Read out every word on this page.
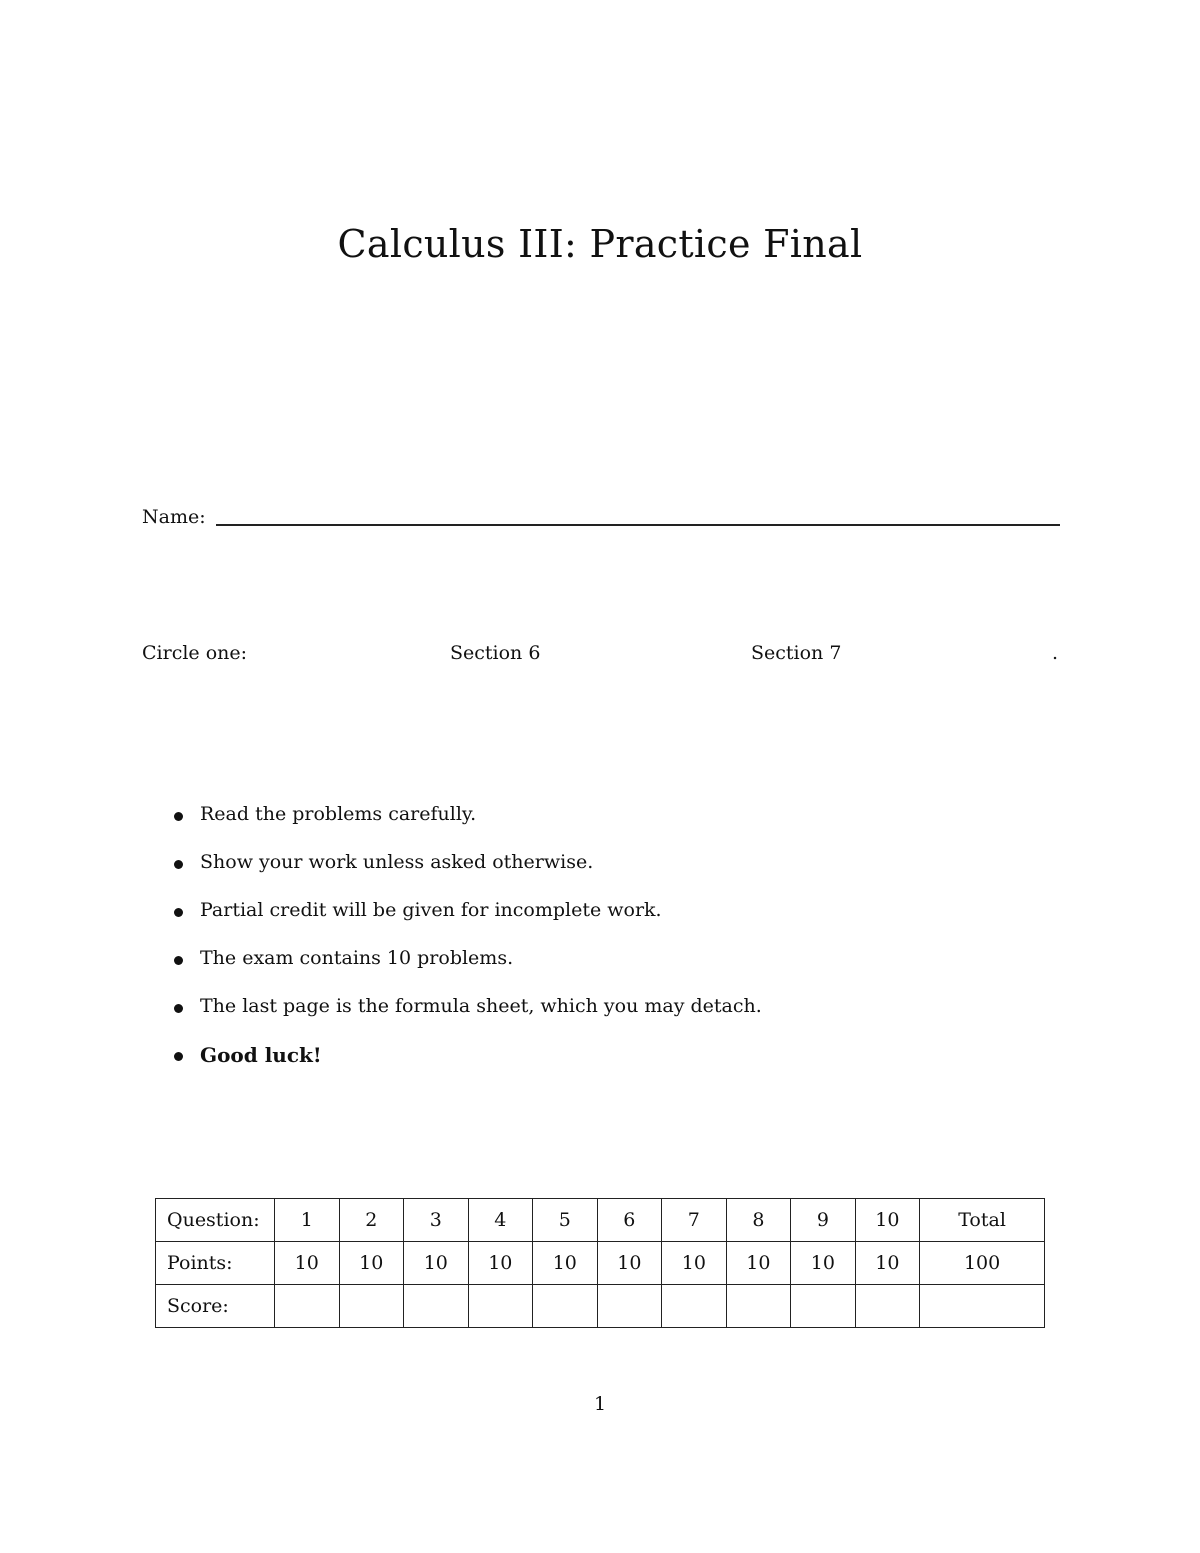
Calculus III: Practice Final
Name:
Circle one:	Section 6	Section 7	.
Read the problems carefully.
Show your work unless asked otherwise.
Partial credit will be given for incomplete work.
The exam contains 10 problems.
The last page is the formula sheet, which you may detach.
Good luck!
Question:	1	2	3	4	5	6	7	8	9	10	Total
Points:	10	10	10	10	10	10	10	10	10	10	100
Score:											
1
